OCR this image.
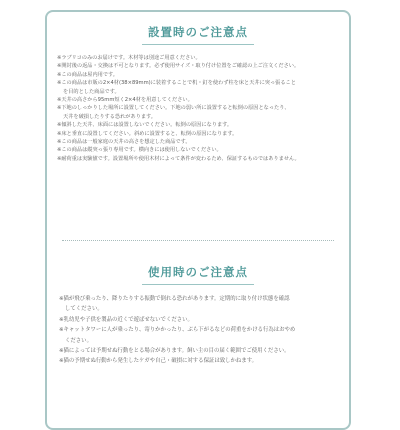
設置時のご注意点
※ラブリコのみのお届けです。木材等は別途ご用意ください。
※開封後の返品・交換は不可となります。必ず使用サイズ・取り付け位置をご確認の上ご注文ください。
※この商品は屋内用です。
※この商品は市販の2×4材(38×89mm)に装着することで机・釘を使わず柱を床と天井に突っ張ること
を目的とした商品です。
※天井の高さから95mm短く2×4材を用意してください。
※下地のしっかりした場所に設置してください。下地の弱い所に設置すると転倒の原因となったり、
天井を破損したりする恐れがあります。
※傾斜した天井、床面には設置しないでください。転倒の原因になります。
※床と垂直に設置してください。斜めに設置すると、転倒の原因になります。
※この商品は一般家庭の天井の高さを想定した商品です。
※この商品は縦突っ張り専用です。横向きには使用しないでください。
※耐荷重は実験値です。設置場所や使用木材によって条件が変わるため、保証するものではありません。
使用時のご注意点
※猫が飛び乗ったり、降りたりする振動で倒れる恐れがあります。定期的に取り付け状態を確認
してください。
※乳幼児や子供を製品の近くで遊ばせないでください。
※キャットタワーに人が乗ったり、寄りかかったり、ぶら下がるなどの荷重をかける行為はおやめ
ください。
※猫によっては予期せぬ行動をとる場合があります。飼い主の目の届く範囲でご使用ください。
※猫の予期せぬ行動から発生したケガや自己・破損に対する保証は致しかねます。
